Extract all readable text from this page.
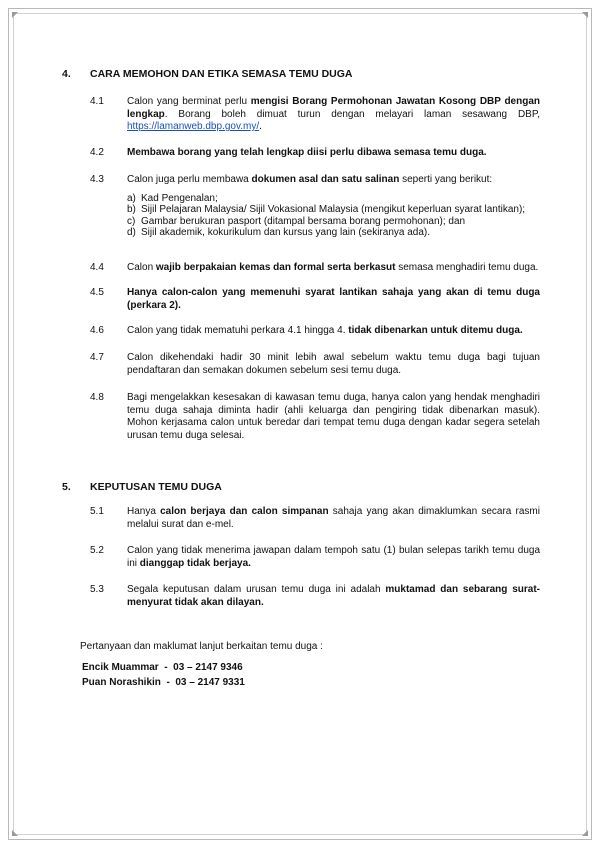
4. CARA MEMOHON DAN ETIKA SEMASA TEMU DUGA
4.1 Calon yang berminat perlu mengisi Borang Permohonan Jawatan Kosong DBP dengan lengkap. Borang boleh dimuat turun dengan melayari laman sesawang DBP, https://lamanweb.dbp.gov.my/.
4.2 Membawa borang yang telah lengkap diisi perlu dibawa semasa temu duga.
4.3 Calon juga perlu membawa dokumen asal dan satu salinan seperti yang berikut:
a) Kad Pengenalan;
b) Sijil Pelajaran Malaysia/ Sijil Vokasional Malaysia (mengikut keperluan syarat lantikan);
c) Gambar berukuran pasport (ditampal bersama borang permohonan); dan
d) Sijil akademik, kokurikulum dan kursus yang lain (sekiranya ada).
4.4 Calon wajib berpakaian kemas dan formal serta berkasut semasa menghadiri temu duga.
4.5 Hanya calon-calon yang memenuhi syarat lantikan sahaja yang akan di temu duga (perkara 2).
4.6 Calon yang tidak mematuhi perkara 4.1 hingga 4. tidak dibenarkan untuk ditemu duga.
4.7 Calon dikehendaki hadir 30 minit lebih awal sebelum waktu temu duga bagi tujuan pendaftaran dan semakan dokumen sebelum sesi temu duga.
4.8 Bagi mengelakkan kesesakan di kawasan temu duga, hanya calon yang hendak menghadiri temu duga sahaja diminta hadir (ahli keluarga dan pengiring tidak dibenarkan masuk). Mohon kerjasama calon untuk beredar dari tempat temu duga dengan kadar segera setelah urusan temu duga selesai.
5. KEPUTUSAN TEMU DUGA
5.1 Hanya calon berjaya dan calon simpanan sahaja yang akan dimaklumkan secara rasmi melalui surat dan e-mel.
5.2 Calon yang tidak menerima jawapan dalam tempoh satu (1) bulan selepas tarikh temu duga ini dianggap tidak berjaya.
5.3 Segala keputusan dalam urusan temu duga ini adalah muktamad dan sebarang surat-menyurat tidak akan dilayan.
Pertanyaan dan maklumat lanjut berkaitan temu duga :
Encik Muammar  -  03 – 2147 9346
Puan Norashikin  -  03 – 2147 9331
